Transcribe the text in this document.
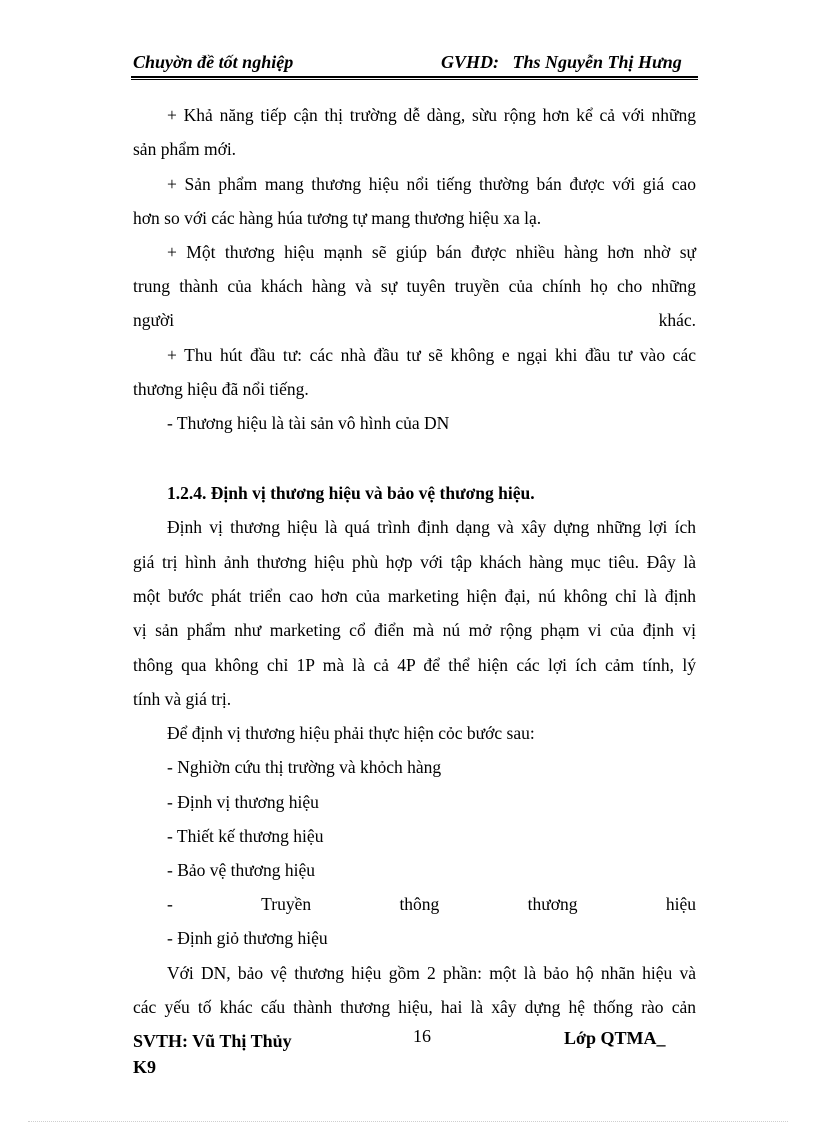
Chuyờn đề tốt nghiệp	GVHD:   Ths Nguyễn Thị Hưng
+ Khả năng tiếp cận thị trường dễ dàng, sừu rộng hơn kể cả với những
sản phẩm mới.
+ Sản phẩm mang thương hiệu nổi tiếng thường bán được với giá cao
hơn so với các hàng húa tương tự mang thương hiệu xa lạ.
+ Một thương hiệu mạnh sẽ giúp bán được nhiều hàng hơn nhờ sự
trung thành của khách hàng và sự tuyên truyền của chính họ cho những
người	khác.
+ Thu hút đầu tư: các nhà đầu tư sẽ không e ngại khi đầu tư vào các
thương hiệu đã nổi tiếng.
- Thương hiệu là tài sản vô hình của DN
1.2.4. Định vị thương hiệu và bảo vệ thương hiệu.
Định vị thương hiệu là quá trình định dạng và xây dựng những lợi ích
giá trị hình ảnh thương hiệu phù hợp với tập khách hàng mục tiêu. Đây là
một bước phát triển cao hơn của marketing hiện đại, nú không chỉ là định
vị sản phẩm như marketing cổ điển mà nú mở rộng phạm vi của định vị
thông qua không chỉ 1P mà là cả 4P để thể hiện các lợi ích cảm tính, lý
tính và giá trị.
Để định vị thương hiệu phải thực hiện cỏc bước sau:
- Nghiờn cứu thị trường và khỏch hàng
- Định vị thương hiệu
- Thiết kế thương hiệu
- Bảo vệ thương hiệu
-	Truyền	thông	thương	hiệu
- Định giỏ thương hiệu
Với DN, bảo vệ thương hiệu gồm 2 phần: một là bảo hộ nhãn hiệu và
các yếu tố khác cấu thành thương hiệu, hai là xây dựng hệ thống rào cản
SVTH: Vũ Thị Thủy
K9
16	Lớp QTMA_
